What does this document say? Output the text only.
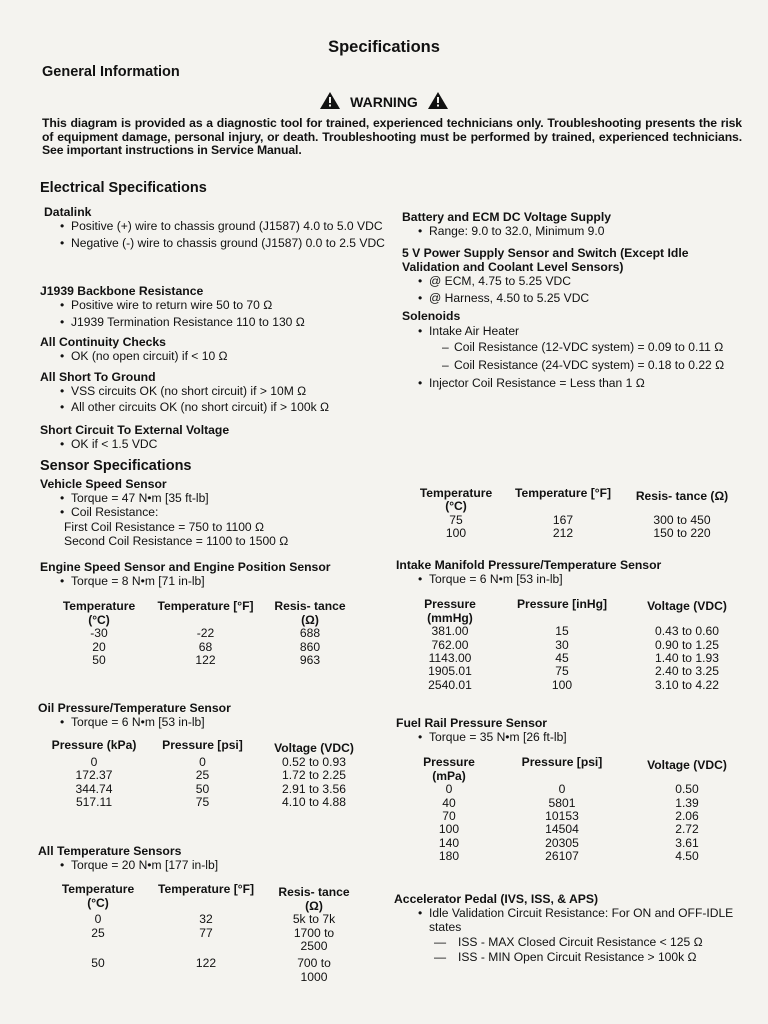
Specifications
General Information
WARNING
This diagram is provided as a diagnostic tool for trained, experienced technicians only. Troubleshooting presents the risk of equipment damage, personal injury, or death. Troubleshooting must be performed by trained, experienced technicians. See important instructions in Service Manual.
Electrical Specifications
Datalink
• Positive (+) wire to chassis ground (J1587) 4.0 to 5.0 VDC
• Negative (-) wire to chassis ground (J1587) 0.0 to 2.5 VDC
J1939 Backbone Resistance
• Positive wire to return wire 50 to 70 Ω
• J1939 Termination Resistance 110 to 130 Ω
All Continuity Checks
• OK (no open circuit) if < 10 Ω
All Short To Ground
• VSS circuits OK (no short circuit) if > 10M Ω
• All other circuits OK (no short circuit) if > 100k Ω
Short Circuit To External Voltage
• OK if < 1.5 VDC
Sensor Specifications
Vehicle Speed Sensor
• Torque = 47 N•m [35 ft-lb]
• Coil Resistance:
First Coil Resistance = 750 to 1100 Ω
Second Coil Resistance = 1100 to 1500 Ω
Engine Speed Sensor and Engine Position Sensor
• Torque = 8 N•m [71 in-lb]
Temperature (°C)	Temperature [°F]	Resis- tance (Ω)
-30	-22	688
20	68	860
50	122	963
Oil Pressure/Temperature Sensor
• Torque = 6 N•m [53 in-lb]
Pressure (kPa)	Pressure [psi]	Voltage (VDC)
0	0	0.52 to 0.93
172.37	25	1.72 to 2.25
344.74	50	2.91 to 3.56
517.11	75	4.10 to 4.88
All Temperature Sensors
• Torque = 20 N•m [177 in-lb]
Temperature (°C)	Temperature [°F]	Resis- tance (Ω)
0	32	5k to 7k
25	77	1700 to 2500
50	122	700 to 1000
Battery and ECM DC Voltage Supply
• Range: 9.0 to 32.0, Minimum 9.0
5 V Power Supply Sensor and Switch (Except Idle Validation and Coolant Level Sensors)
• @ ECM, 4.75 to 5.25 VDC
• @ Harness, 4.50 to 5.25 VDC
Solenoids
• Intake Air Heater
– Coil Resistance (12-VDC system) = 0.09 to 0.11 Ω
– Coil Resistance (24-VDC system) = 0.18 to 0.22 Ω
• Injector Coil Resistance = Less than 1 Ω
Temperature (°C)	Temperature [°F]	Resis- tance (Ω)
75	167	300 to 450
100	212	150 to 220
Intake Manifold Pressure/Temperature Sensor
• Torque = 6 N•m [53 in-lb]
Pressure (mmHg)	Pressure [inHg]	Voltage (VDC)
381.00	15	0.43 to 0.60
762.00	30	0.90 to 1.25
1143.00	45	1.40 to 1.93
1905.01	75	2.40 to 3.25
2540.01	100	3.10 to 4.22
Fuel Rail Pressure Sensor
• Torque = 35 N•m [26 ft-lb]
Pressure (mPa)	Pressure [psi]	Voltage (VDC)
0	0	0.50
40	5801	1.39
70	10153	2.06
100	14504	2.72
140	20305	3.61
180	26107	4.50
Accelerator Pedal (IVS, ISS, & APS)
• Idle Validation Circuit Resistance: For ON and OFF-IDLE states
— ISS - MAX Closed Circuit Resistance < 125 Ω
— ISS - MIN Open Circuit Resistance > 100k Ω
